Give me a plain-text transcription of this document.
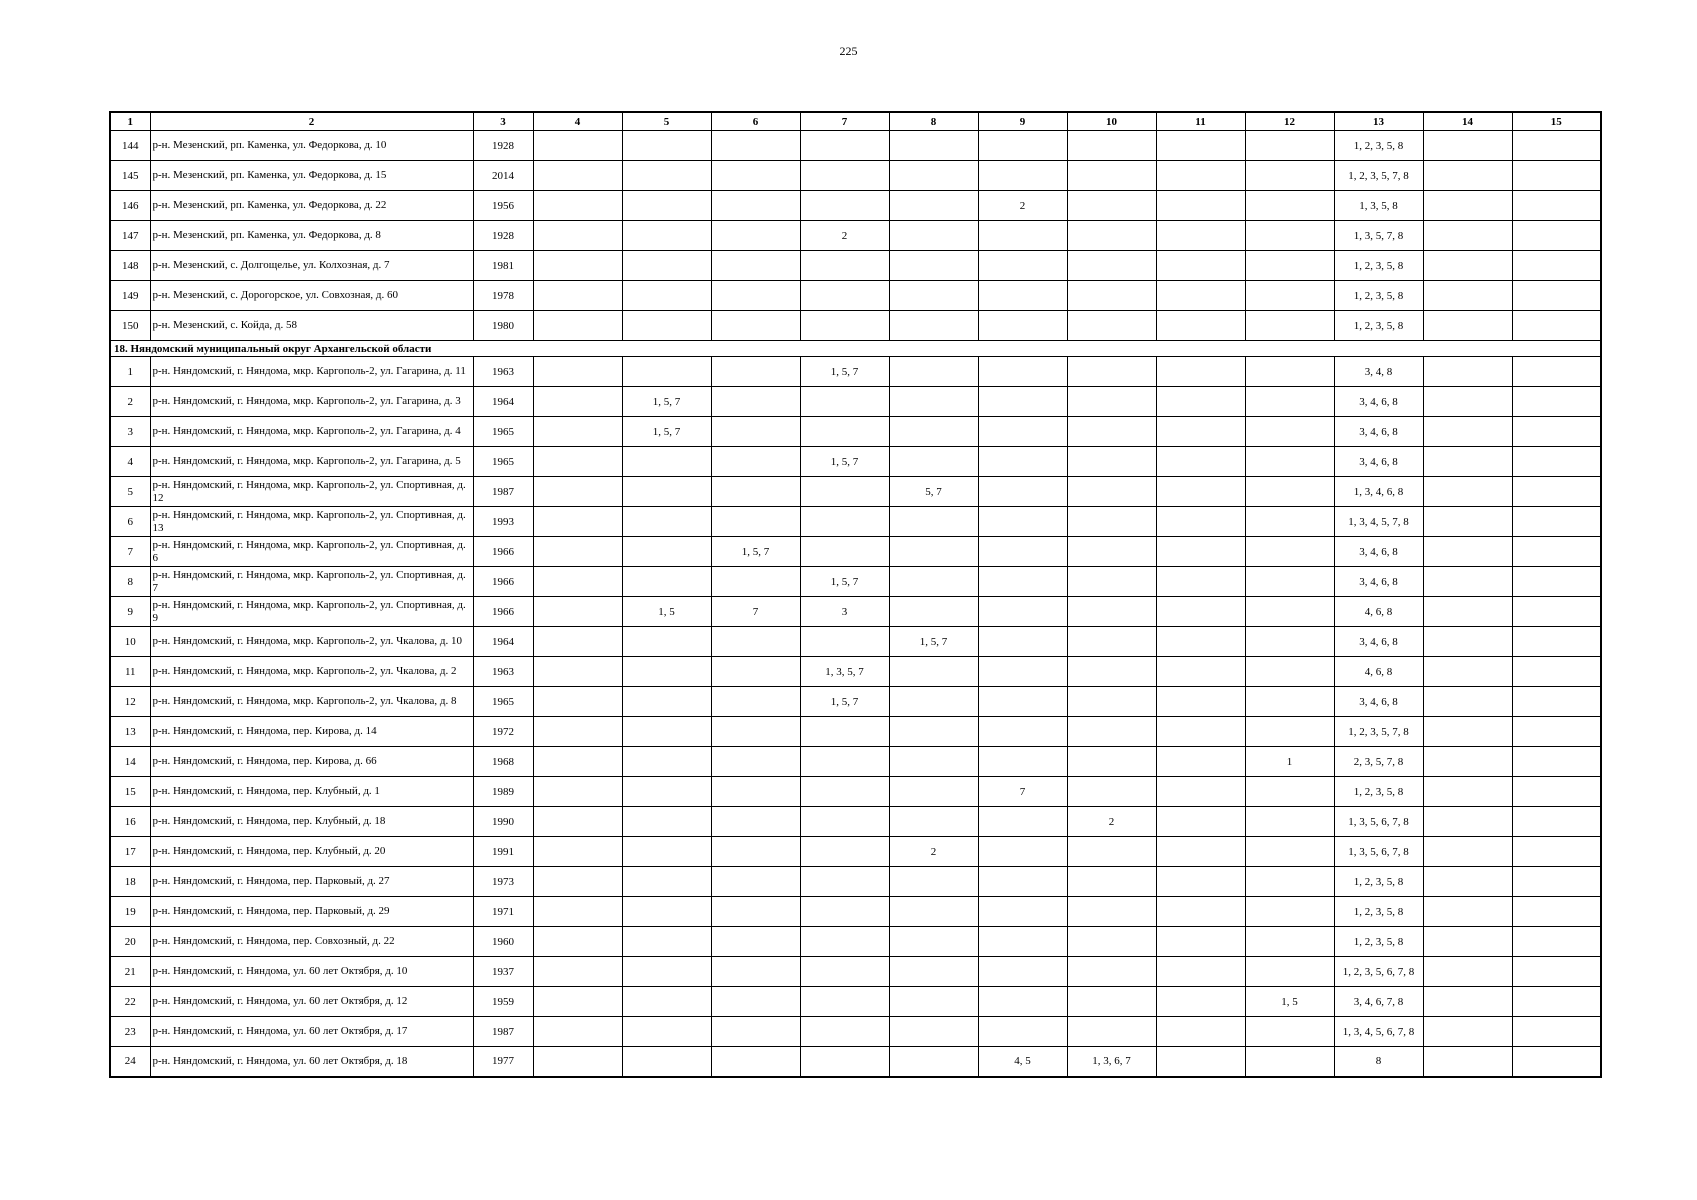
225
1	2	3	4	5	6	7	8	9	10	11	12	13	14	15
144	р-н. Мезенский, рп. Каменка, ул. Федоркова, д. 10	1928										1, 2, 3, 5, 8		
145	р-н. Мезенский, рп. Каменка, ул. Федоркова, д. 15	2014										1, 2, 3, 5, 7, 8		
146	р-н. Мезенский, рп. Каменка, ул. Федоркова, д. 22	1956						2				1, 3, 5, 8		
147	р-н. Мезенский, рп. Каменка, ул. Федоркова, д. 8	1928				2						1, 3, 5, 7, 8		
148	р-н. Мезенский, с. Долгощелье, ул. Колхозная, д. 7	1981										1, 2, 3, 5, 8		
149	р-н. Мезенский, с. Дорогорское, ул. Совхозная, д. 60	1978										1, 2, 3, 5, 8		
150	р-н. Мезенский, с. Койда, д. 58	1980										1, 2, 3, 5, 8		
18. Няндомский муниципальный округ Архангельской области														
1	р-н. Няндомский, г. Няндома, мкр. Каргополь-2, ул. Гагарина, д. 11	1963				1, 5, 7						3, 4, 8		
2	р-н. Няндомский, г. Няндома, мкр. Каргополь-2, ул. Гагарина, д. 3	1964		1, 5, 7								3, 4, 6, 8		
3	р-н. Няндомский, г. Няндома, мкр. Каргополь-2, ул. Гагарина, д. 4	1965		1, 5, 7								3, 4, 6, 8		
4	р-н. Няндомский, г. Няндома, мкр. Каргополь-2, ул. Гагарина, д. 5	1965				1, 5, 7						3, 4, 6, 8		
5	р-н. Няндомский, г. Няндома, мкр. Каргополь-2, ул. Спортивная, д. 12	1987					5, 7					1, 3, 4, 6, 8		
6	р-н. Няндомский, г. Няндома, мкр. Каргополь-2, ул. Спортивная, д. 13	1993										1, 3, 4, 5, 7, 8		
7	р-н. Няндомский, г. Няндома, мкр. Каргополь-2, ул. Спортивная, д. 6	1966			1, 5, 7							3, 4, 6, 8		
8	р-н. Няндомский, г. Няндома, мкр. Каргополь-2, ул. Спортивная, д. 7	1966				1, 5, 7						3, 4, 6, 8		
9	р-н. Няндомский, г. Няндома, мкр. Каргополь-2, ул. Спортивная, д. 9	1966		1, 5	7	3						4, 6, 8		
10	р-н. Няндомский, г. Няндома, мкр. Каргополь-2, ул. Чкалова, д. 10	1964					1, 5, 7					3, 4, 6, 8		
11	р-н. Няндомский, г. Няндома, мкр. Каргополь-2, ул. Чкалова, д. 2	1963				1, 3, 5, 7						4, 6, 8		
12	р-н. Няндомский, г. Няндома, мкр. Каргополь-2, ул. Чкалова, д. 8	1965				1, 5, 7						3, 4, 6, 8		
13	р-н. Няндомский, г. Няндома, пер. Кирова, д. 14	1972										1, 2, 3, 5, 7, 8		
14	р-н. Няндомский, г. Няндома, пер. Кирова, д. 66	1968									1	2, 3, 5, 7, 8		
15	р-н. Няндомский, г. Няндома, пер. Клубный, д. 1	1989						7				1, 2, 3, 5, 8		
16	р-н. Няндомский, г. Няндома, пер. Клубный, д. 18	1990							2			1, 3, 5, 6, 7, 8		
17	р-н. Няндомский, г. Няндома, пер. Клубный, д. 20	1991					2					1, 3, 5, 6, 7, 8		
18	р-н. Няндомский, г. Няндома, пер. Парковый, д. 27	1973										1, 2, 3, 5, 8		
19	р-н. Няндомский, г. Няндома, пер. Парковый, д. 29	1971										1, 2, 3, 5, 8		
20	р-н. Няндомский, г. Няндома, пер. Совхозный, д. 22	1960										1, 2, 3, 5, 8		
21	р-н. Няндомский, г. Няндома, ул. 60 лет Октября, д. 10	1937										1, 2, 3, 5, 6, 7, 8		
22	р-н. Няндомский, г. Няндома, ул. 60 лет Октября, д. 12	1959									1, 5	3, 4, 6, 7, 8		
23	р-н. Няндомский, г. Няндома, ул. 60 лет Октября, д. 17	1987										1, 3, 4, 5, 6, 7, 8		
24	р-н. Няндомский, г. Няндома, ул. 60 лет Октября, д. 18	1977						4, 5	1, 3, 6, 7			8		
